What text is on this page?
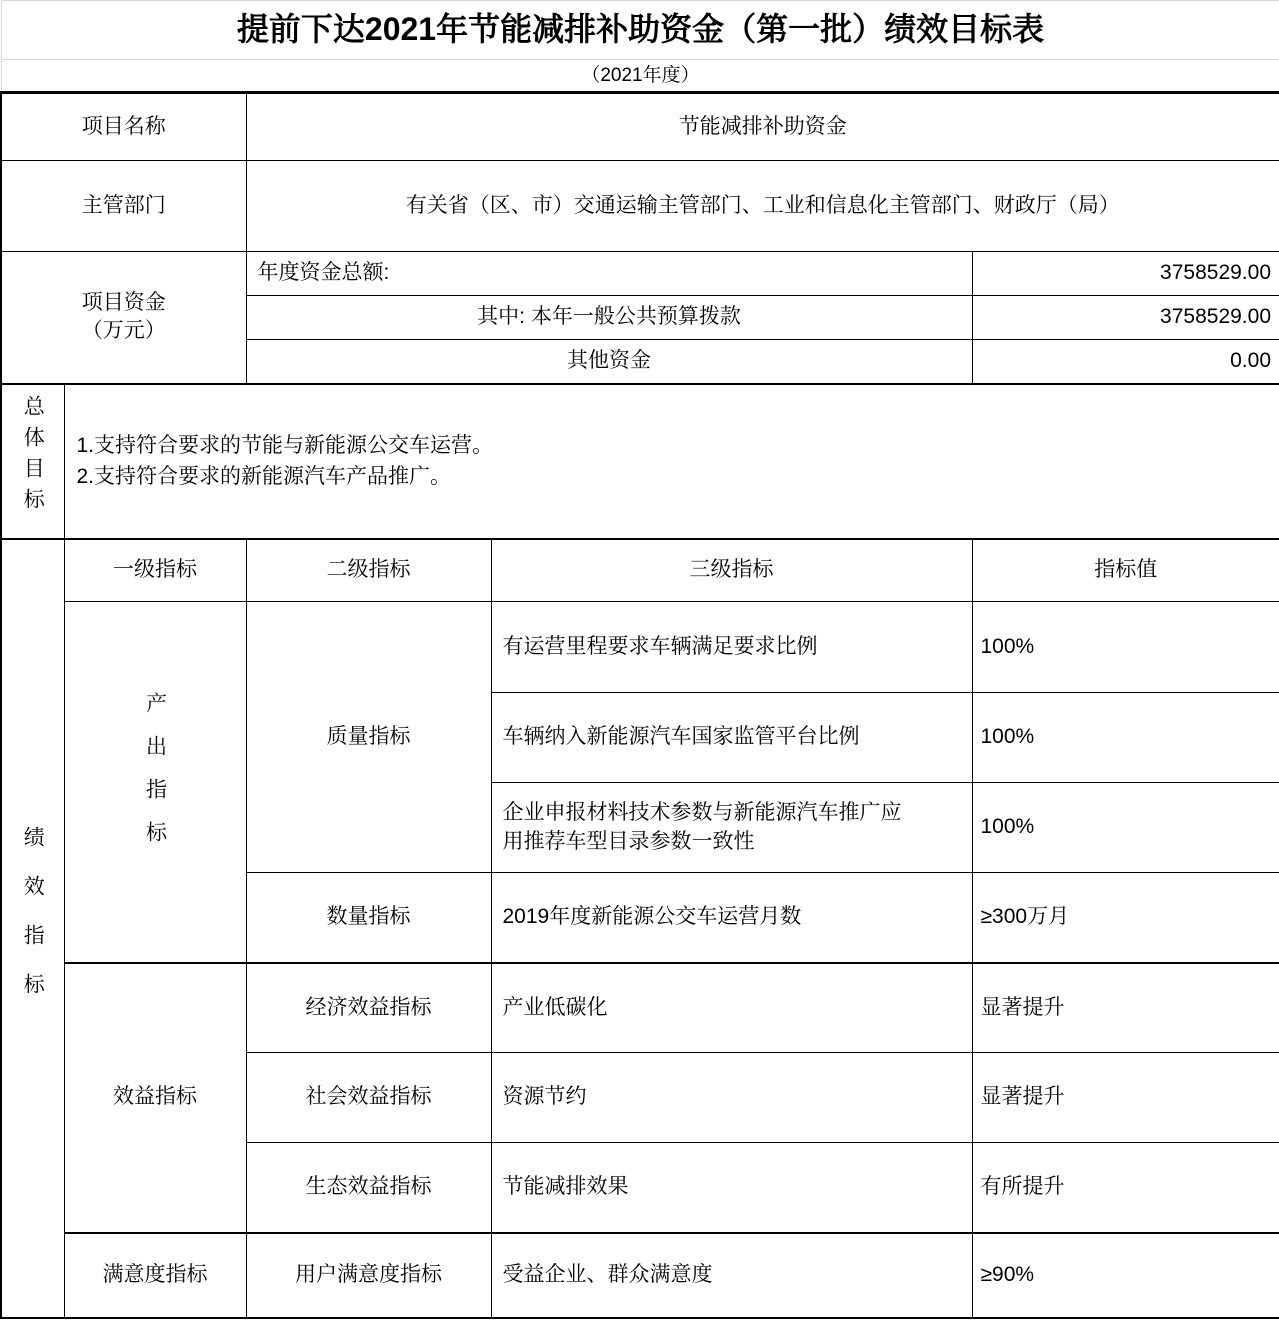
提前下达2021年节能减排补助资金（第一批）绩效目标表				
（2021年度）				
项目名称		节能减排补助资金		
主管部门		有关省（区、市）交通运输主管部门、工业和信息化主管部门、财政厅（局）		

项目资金
（万元）		年度资金总额:		3758529.00
		其中: 本年一般公共预算拨款		3758529.00
		其他资金		0.00
总体目标	1.支持符合要求的节能与新能源公交车运营。
2.支持符合要求的新能源汽车产品推广。			

绩效指标	一级指标	二级指标	三级指标	指标值
	产出指标	质量指标	有运营里程要求车辆满足要求比例	100%

			车辆纳入新能源汽车国家监管平台比例	100%

			企业申报材料技术参数与新能源汽车推广应用推荐车型目录参数一致性	100%
		数量指标	2019年度新能源公交车运营月数	≥300万月
	效益指标	经济效益指标	产业低碳化	显著提升
		社会效益指标	资源节约	显著提升
		生态效益指标	节能减排效果	有所提升
	满意度指标	用户满意度指标	受益企业、群众满意度	≥90%
